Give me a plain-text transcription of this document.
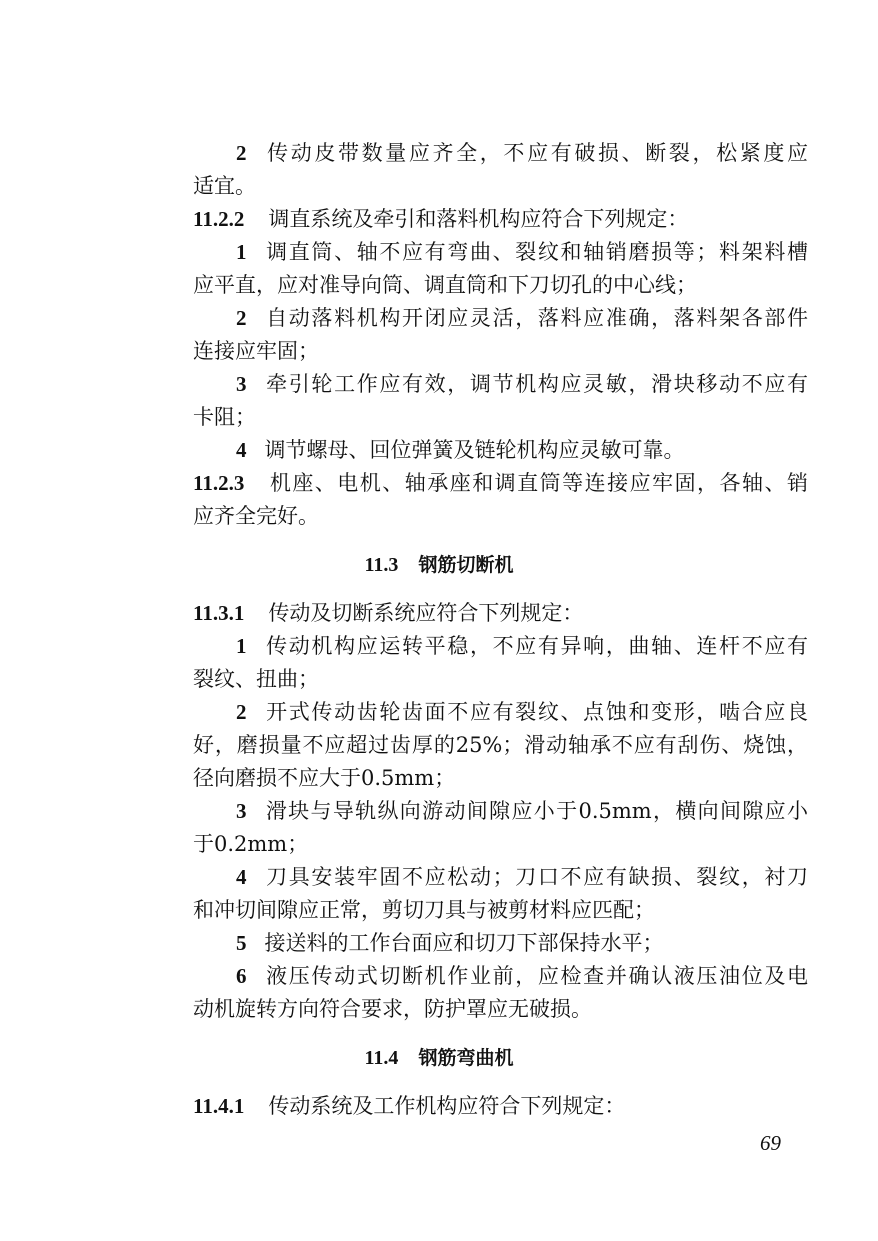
2 传动皮带数量应齐全，不应有破损、断裂，松紧度应
适宜。
11.2.2 调直系统及牵引和落料机构应符合下列规定：
1 调直筒、轴不应有弯曲、裂纹和轴销磨损等；料架料槽
应平直，应对准导向筒、调直筒和下刀切孔的中心线；
2 自动落料机构开闭应灵活，落料应准确，落料架各部件
连接应牢固；
3 牵引轮工作应有效，调节机构应灵敏，滑块移动不应有
卡阻；
4 调节螺母、回位弹簧及链轮机构应灵敏可靠。
11.2.3 机座、电机、轴承座和调直筒等连接应牢固，各轴、销
应齐全完好。
11.3 钢筋切断机
11.3.1 传动及切断系统应符合下列规定：
1 传动机构应运转平稳，不应有异响，曲轴、连杆不应有
裂纹、扭曲；
2 开式传动齿轮齿面不应有裂纹、点蚀和变形，啮合应良
好，磨损量不应超过齿厚的25%；滑动轴承不应有刮伤、烧蚀，
径向磨损不应大于0.5mm；
3 滑块与导轨纵向游动间隙应小于0.5mm，横向间隙应小
于0.2mm；
4 刀具安装牢固不应松动；刀口不应有缺损、裂纹，衬刀
和冲切间隙应正常，剪切刀具与被剪材料应匹配；
5 接送料的工作台面应和切刀下部保持水平；
6 液压传动式切断机作业前，应检查并确认液压油位及电
动机旋转方向符合要求，防护罩应无破损。
11.4 钢筋弯曲机
11.4.1 传动系统及工作机构应符合下列规定：
69
